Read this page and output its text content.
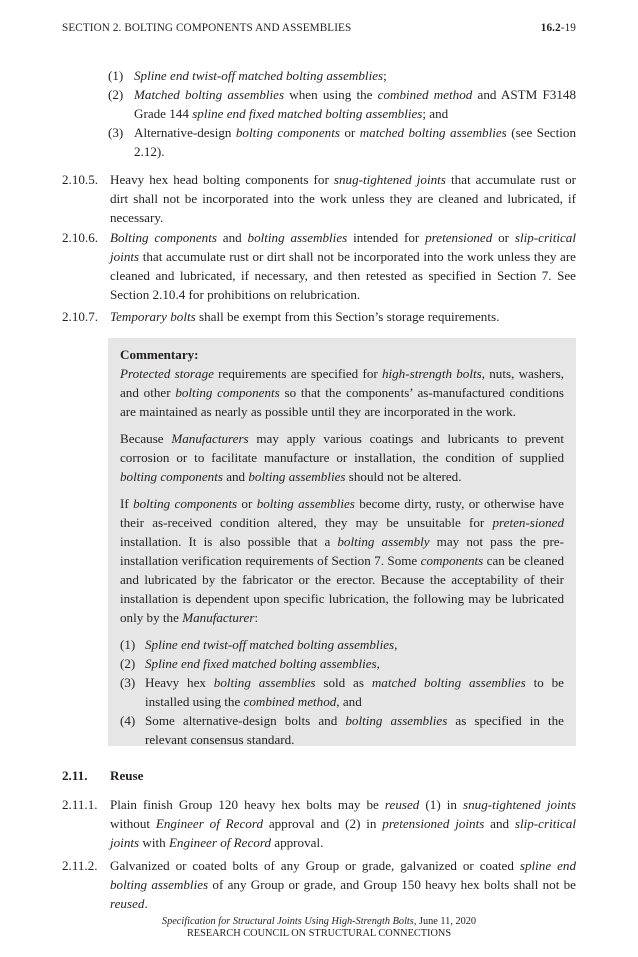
SECTION 2. BOLTING COMPONENTS AND ASSEMBLIES	16.2-19
(1) Spline end twist-off matched bolting assemblies;
(2) Matched bolting assemblies when using the combined method and ASTM F3148 Grade 144 spline end fixed matched bolting assemblies; and
(3) Alternative-design bolting components or matched bolting assemblies (see Section 2.12).
2.10.5. Heavy hex head bolting components for snug-tightened joints that accumulate rust or dirt shall not be incorporated into the work unless they are cleaned and lubricated, if necessary.
2.10.6. Bolting components and bolting assemblies intended for pretensioned or slip-critical joints that accumulate rust or dirt shall not be incorporated into the work unless they are cleaned and lubricated, if necessary, and then retested as specified in Section 7. See Section 2.10.4 for prohibitions on relubrication.
2.10.7. Temporary bolts shall be exempt from this Section’s storage requirements.
Commentary:

Protected storage requirements are specified for high-strength bolts, nuts, washers, and other bolting components so that the components’ as-manufactured conditions are maintained as nearly as possible until they are incorporated in the work.

Because Manufacturers may apply various coatings and lubricants to prevent corrosion or to facilitate manufacture or installation, the condition of supplied bolting components and bolting assemblies should not be altered.

If bolting components or bolting assemblies become dirty, rusty, or otherwise have their as-received condition altered, they may be unsuitable for preten-sioned installation. It is also possible that a bolting assembly may not pass the pre-installation verification requirements of Section 7. Some components can be cleaned and lubricated by the fabricator or the erector. Because the acceptability of their installation is dependent upon specific lubrication, the following may be lubricated only by the Manufacturer:

(1) Spline end twist-off matched bolting assemblies,
(2) Spline end fixed matched bolting assemblies,
(3) Heavy hex bolting assemblies sold as matched bolting assemblies to be installed using the combined method, and
(4) Some alternative-design bolts and bolting assemblies as specified in the relevant consensus standard.
2.11. Reuse
2.11.1. Plain finish Group 120 heavy hex bolts may be reused (1) in snug-tightened joints without Engineer of Record approval and (2) in pretensioned joints and slip-critical joints with Engineer of Record approval.
2.11.2. Galvanized or coated bolts of any Group or grade, galvanized or coated spline end bolting assemblies of any Group or grade, and Group 150 heavy hex bolts shall not be reused.
Specification for Structural Joints Using High-Strength Bolts, June 11, 2020
RESEARCH COUNCIL ON STRUCTURAL CONNECTIONS
